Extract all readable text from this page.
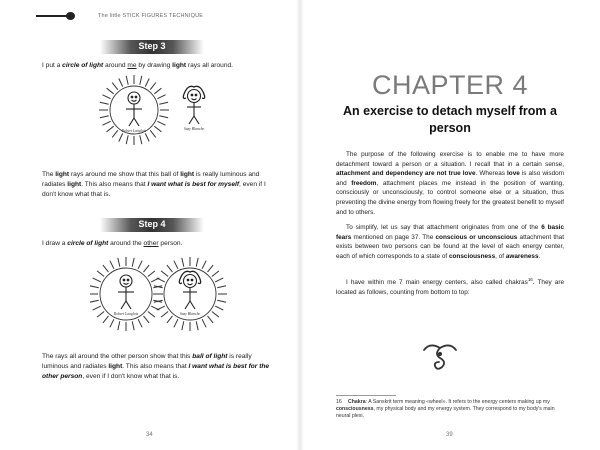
The little STICK FIGURES TECHNIQUE
Step 3
I put a circle of light around me by drawing light rays all around.
Robert Langlois	Suzy Blanche
The light rays around me show that this ball of light is really luminous and radiates light. This also means that I want what is best for myself, even if I don't know what that is.
Step 4
I draw a circle of light around the other person.
Robert Langlois	Suzy Blanche
The rays all around the other person show that this ball of light is really luminous and radiates light. This also means that I want what is best for the other person, even if I don't know what that is.
34
CHAPTER 4
An exercise to detach myself from a person
The purpose of the following exercise is to enable me to have more detachment toward a person or a situation. I recall that in a certain sense, attachment and dependency are not true love. Whereas love is also wisdom and freedom, attachment places me instead in the position of wanting, consciously or unconsciously, to control someone else or a situation, thus preventing the divine energy from flowing freely for the greatest benefit to myself and to others.
To simplify, let us say that attachment originates from one of the 6 basic fears mentioned on page 37. The conscious or unconscious attachment that exists between two persons can be found at the level of each energy center, each of which corresponds to a state of consciousness, of awareness.
I have within me 7 main energy centers, also called chakras$^{16}$. They are located as follows, counting from bottom to top:
16 Chakra: A Sanskrit term meaning «wheel». It refers to the energy centers making up my consciousness, my physical body and my energy system. They correspond to my body's main neural plexi.
39
